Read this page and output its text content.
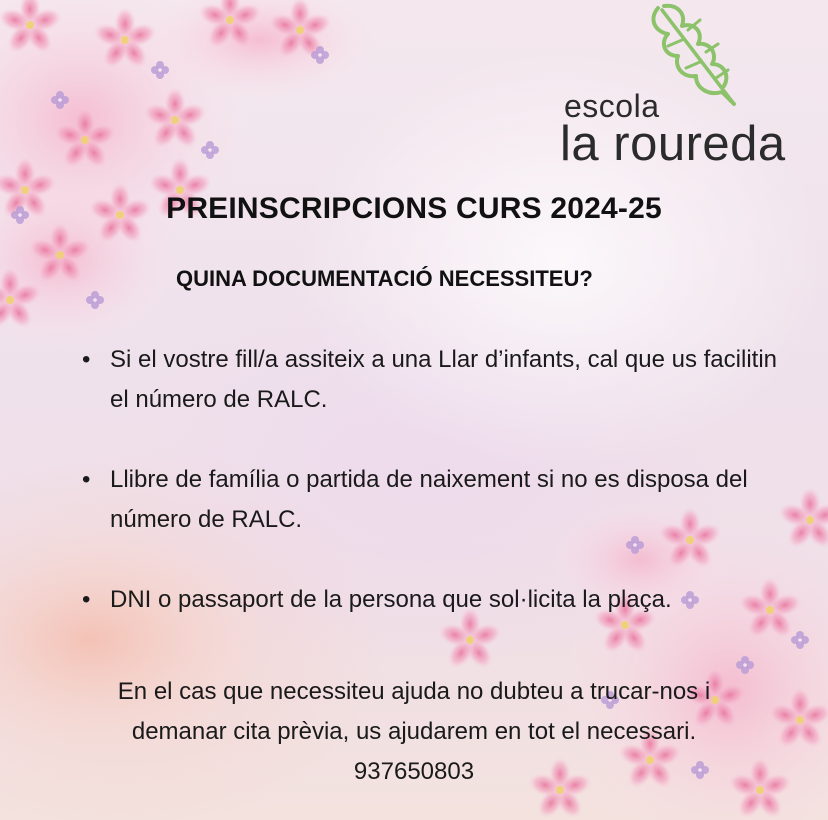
escola
la roureda
PREINSCRIPCIONS CURS 2024-25
QUINA DOCUMENTACIÓ NECESSITEU?
• Si el vostre fill/a assiteix a una Llar d’infants, cal que us facilitin el número de RALC.
• Llibre de família o partida de naixement si no es disposa del número de RALC.
• DNI o passaport de la persona que sol·licita la plaça.
En el cas que necessiteu ajuda no dubteu a trucar-nos i
demanar cita prèvia, us ajudarem en tot el necessari.
937650803
